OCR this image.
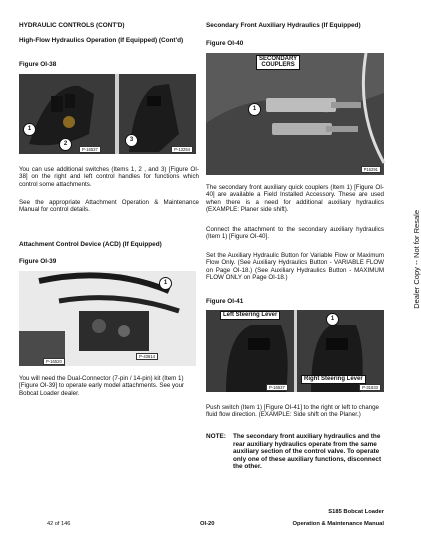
HYDRAULIC CONTROLS (CONT'D)
High-Flow Hydraulics Operation (If Equipped) (Cont'd)
Figure OI-38
1
2
3
P-16537	P-13254
You can use additional switches (Items 1, 2 , and 3) [Figure OI-38] on the right and left control handles for functions which control some attachments.
See the appropriate Attachment Operation & Maintenance Manual for control details.
Attachment Control Device (ACD) (If Equipped)
Figure OI-39
1
P-16520
P-43614
You will need the Dual-Connector (7-pin / 14-pin) kit (Item 1) [Figure OI-39] to operate early model attachments. See your Bobcat Loader dealer.
Secondary Front Auxiliary Hydraulics (If Equipped)
Figure OI-40
SECONDARY
COUPLERS
1
P16291
The secondary front auxiliary quick couplers (Item 1) [Figure OI-40] are available a Field Installed Accessory. These are used when there is a need for additional auxiliary hydraulics (EXAMPLE: Planer side shift).
Connect the attachment to the secondary auxiliary hydraulics (Item 1) [Figure OI-40].
Set the Auxiliary Hydraulic Button for Variable Flow or Maximum Flow Only. (See Auxiliary Hydraulics Button - VARIABLE FLOW on Page OI-18.) (See Auxiliary Hydraulics Button - MAXIMUM FLOW ONLY on Page OI-18.)
Figure OI-41
Left Steering Lever
Right Steering Lever
1
P-16537	P-31833
Push switch (Item 1) [Figure OI-41] to the right or left to change fluid flow direction. (EXAMPLE: Side shift on the Planer.)
NOTE: The secondary front auxiliary hydraulics and the rear auxiliary hydraulics operate from the same auxiliary section of the control valve. To operate only one of these auxiliary functions, disconnect the other.
Dealer Copy -- Not for Resale
S185 Bobcat Loader
42 of 146	OI-20	Operation & Maintenance Manual
